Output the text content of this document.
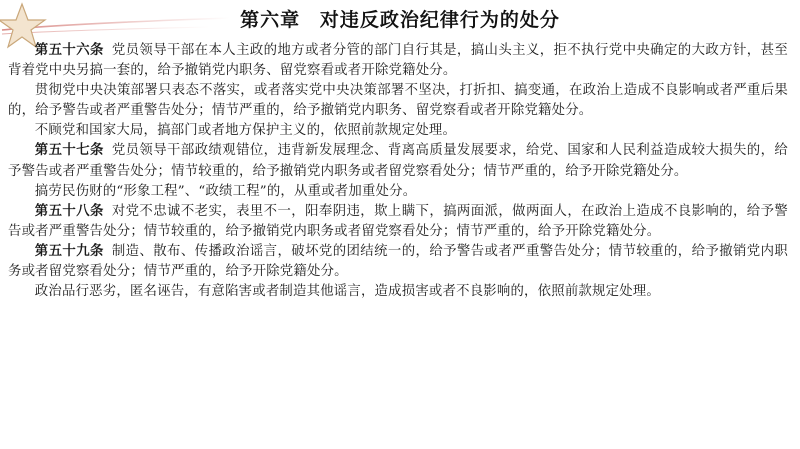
第六章 对违反政治纪律行为的处分

第五十六条 党员领导干部在本人主政的地方或者分管的部门自行其是，搞山头主义，拒不执行党中央确定的大政方针，甚至背着党中央另搞一套的，给予撤销党内职务、留党察看或者开除党籍处分。

贯彻党中央决策部署只表态不落实，或者落实党中央决策部署不坚决，打折扣、搞变通，在政治上造成不良影响或者严重后果的，给予警告或者严重警告处分；情节严重的，给予撤销党内职务、留党察看或者开除党籍处分。

不顾党和国家大局，搞部门或者地方保护主义的，依照前款规定处理。

第五十七条 党员领导干部政绩观错位，违背新发展理念、背离高质量发展要求，给党、国家和人民利益造成较大损失的，给予警告或者严重警告处分；情节较重的，给予撤销党内职务或者留党察看处分；情节严重的，给予开除党籍处分。

搞劳民伤财的“形象工程”、“政绩工程”的，从重或者加重处分。

第五十八条 对党不忠诚不老实，表里不一，阳奉阴违，欺上瞒下，搞两面派，做两面人，在政治上造成不良影响的，给予警告或者严重警告处分；情节较重的，给予撤销党内职务或者留党察看处分；情节严重的，给予开除党籍处分。

第五十九条 制造、散布、传播政治谣言，破坏党的团结统一的，给予警告或者严重警告处分；情节较重的，给予撤销党内职务或者留党察看处分；情节严重的，给予开除党籍处分。

政治品行恶劣，匿名诬告，有意陷害或者制造其他谣言，造成损害或者不良影响的，依照前款规定处理。
